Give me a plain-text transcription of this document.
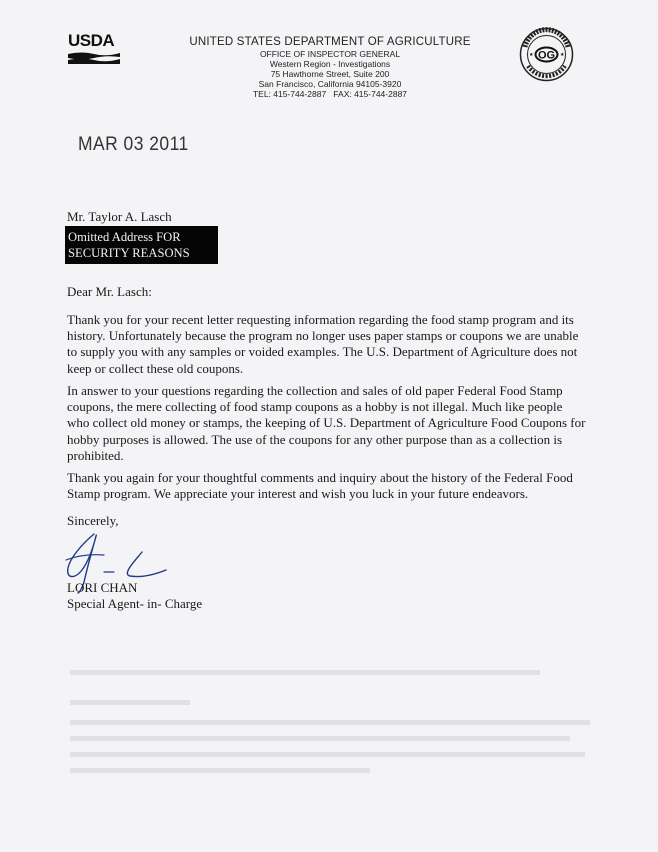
USDA	UNITED STATES DEPARTMENT OF AGRICULTURE
OFFICE OF INSPECTOR GENERAL
Western Region - Investigations
75 Hawthorne Street, Suite 200
San Francisco, California 94105-3920
TEL: 415-744-2887   FAX: 415-744-2887
OG
★	★
MAR 03 2011
Mr. Taylor A. Lasch
Omitted Address FOR
SECURITY REASONS
Dear Mr. Lasch:
Thank you for your recent letter requesting information regarding the food stamp program and its history. Unfortunately because the program no longer uses paper stamps or coupons we are unable to supply you with any samples or voided examples. The U.S. Department of Agriculture does not keep or collect these old coupons.
In answer to your questions regarding the collection and sales of old paper Federal Food Stamp coupons, the mere collecting of food stamp coupons as a hobby is not illegal. Much like people who collect old money or stamps, the keeping of U.S. Department of Agriculture Food Coupons for hobby purposes is allowed. The use of the coupons for any other purpose than as a collection is prohibited.
Thank you again for your thoughtful comments and inquiry about the history of the Federal Food Stamp program. We appreciate your interest and wish you luck in your future endeavors.
Sincerely,
LORI CHAN
Special Agent- in- Charge
